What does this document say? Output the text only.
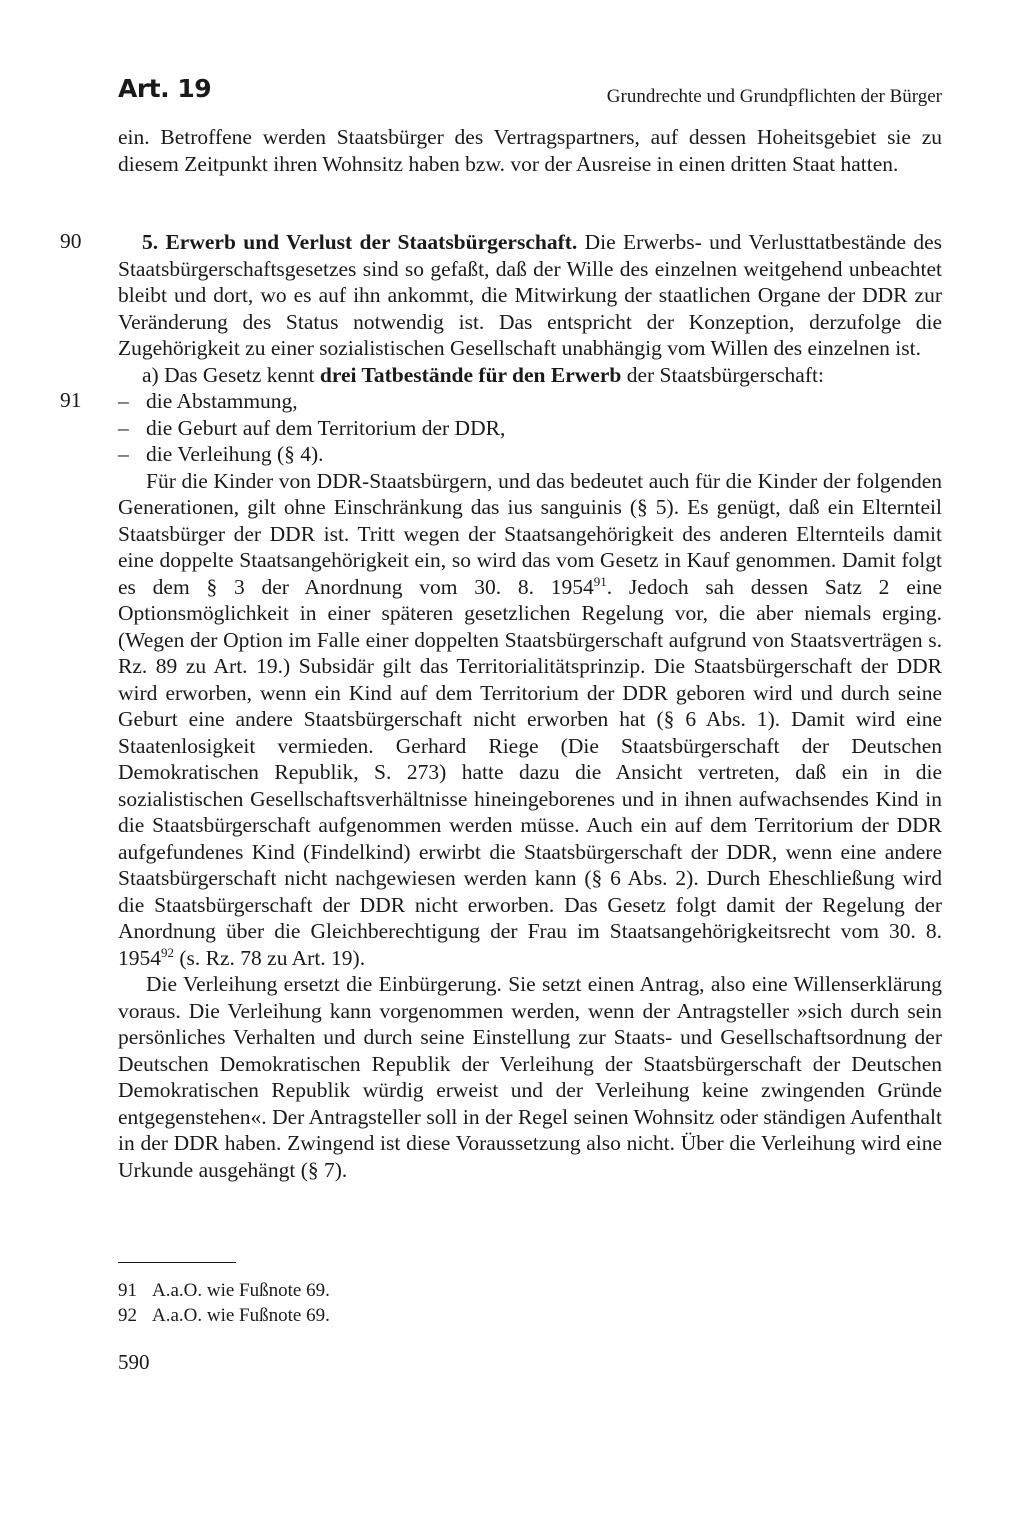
Art. 19	Grundrechte und Grundpflichten der Bürger

ein. Betroffene werden Staatsbürger des Vertragspartners, auf dessen Hoheitsgebiet sie zu diesem Zeitpunkt ihren Wohnsitz haben bzw. vor der Ausreise in einen dritten Staat hatten.

90
91

5. Erwerb und Verlust der Staatsbürgerschaft. Die Erwerbs- und Verlusttatbestände des Staatsbürgerschaftsgesetzes sind so gefaßt, daß der Wille des einzelnen weitgehend unbeachtet bleibt und dort, wo es auf ihn ankommt, die Mitwirkung der staatlichen Organe der DDR zur Veränderung des Status notwendig ist. Das entspricht der Konzeption, derzufolge die Zugehörigkeit zu einer sozialistischen Gesellschaft unabhängig vom Willen des einzelnen ist.

a) Das Gesetz kennt drei Tatbestände für den Erwerb der Staatsbürgerschaft:

– die Abstammung,
– die Geburt auf dem Territorium der DDR,
– die Verleihung (§ 4).

Für die Kinder von DDR-Staatsbürgern, und das bedeutet auch für die Kinder der folgenden Generationen, gilt ohne Einschränkung das ius sanguinis (§ 5). Es genügt, daß ein Elternteil Staatsbürger der DDR ist. Tritt wegen der Staatsangehörigkeit des anderen Elternteils damit eine doppelte Staatsangehörigkeit ein, so wird das vom Gesetz in Kauf genommen. Damit folgt es dem § 3 der Anordnung vom 30. 8. 1954$^{91}$. Jedoch sah dessen Satz 2 eine Optionsmöglichkeit in einer späteren gesetzlichen Regelung vor, die aber niemals erging. (Wegen der Option im Falle einer doppelten Staatsbürgerschaft aufgrund von Staatsverträgen s. Rz. 89 zu Art. 19.) Subsidär gilt das Territorialitätsprinzip. Die Staatsbürgerschaft der DDR wird erworben, wenn ein Kind auf dem Territorium der DDR geboren wird und durch seine Geburt eine andere Staatsbürgerschaft nicht erworben hat (§ 6 Abs. 1). Damit wird eine Staatenlosigkeit vermieden. Gerhard Riege (Die Staatsbürgerschaft der Deutschen Demokratischen Republik, S. 273) hatte dazu die Ansicht vertreten, daß ein in die sozialistischen Gesellschaftsverhältnisse hineingeborenes und in ihnen aufwachsendes Kind in die Staatsbürgerschaft aufgenommen werden müsse. Auch ein auf dem Territorium der DDR aufgefundenes Kind (Findelkind) erwirbt die Staatsbürgerschaft der DDR, wenn eine andere Staatsbürgerschaft nicht nachgewiesen werden kann (§ 6 Abs. 2). Durch Eheschließung wird die Staatsbürgerschaft der DDR nicht erworben. Das Gesetz folgt damit der Regelung der Anordnung über die Gleichberechtigung der Frau im Staatsangehörigkeitsrecht vom 30. 8. 1954$^{92}$ (s. Rz. 78 zu Art. 19).

Die Verleihung ersetzt die Einbürgerung. Sie setzt einen Antrag, also eine Willenserklärung voraus. Die Verleihung kann vorgenommen werden, wenn der Antragsteller »sich durch sein persönliches Verhalten und durch seine Einstellung zur Staats- und Gesellschaftsordnung der Deutschen Demokratischen Republik der Verleihung der Staatsbürgerschaft der Deutschen Demokratischen Republik würdig erweist und der Verleihung keine zwingenden Gründe entgegenstehen«. Der Antragsteller soll in der Regel seinen Wohnsitz oder ständigen Aufenthalt in der DDR haben. Zwingend ist diese Voraussetzung also nicht. Über die Verleihung wird eine Urkunde ausgehängt (§ 7).

91 A.a.O. wie Fußnote 69.
92 A.a.O. wie Fußnote 69.
590
